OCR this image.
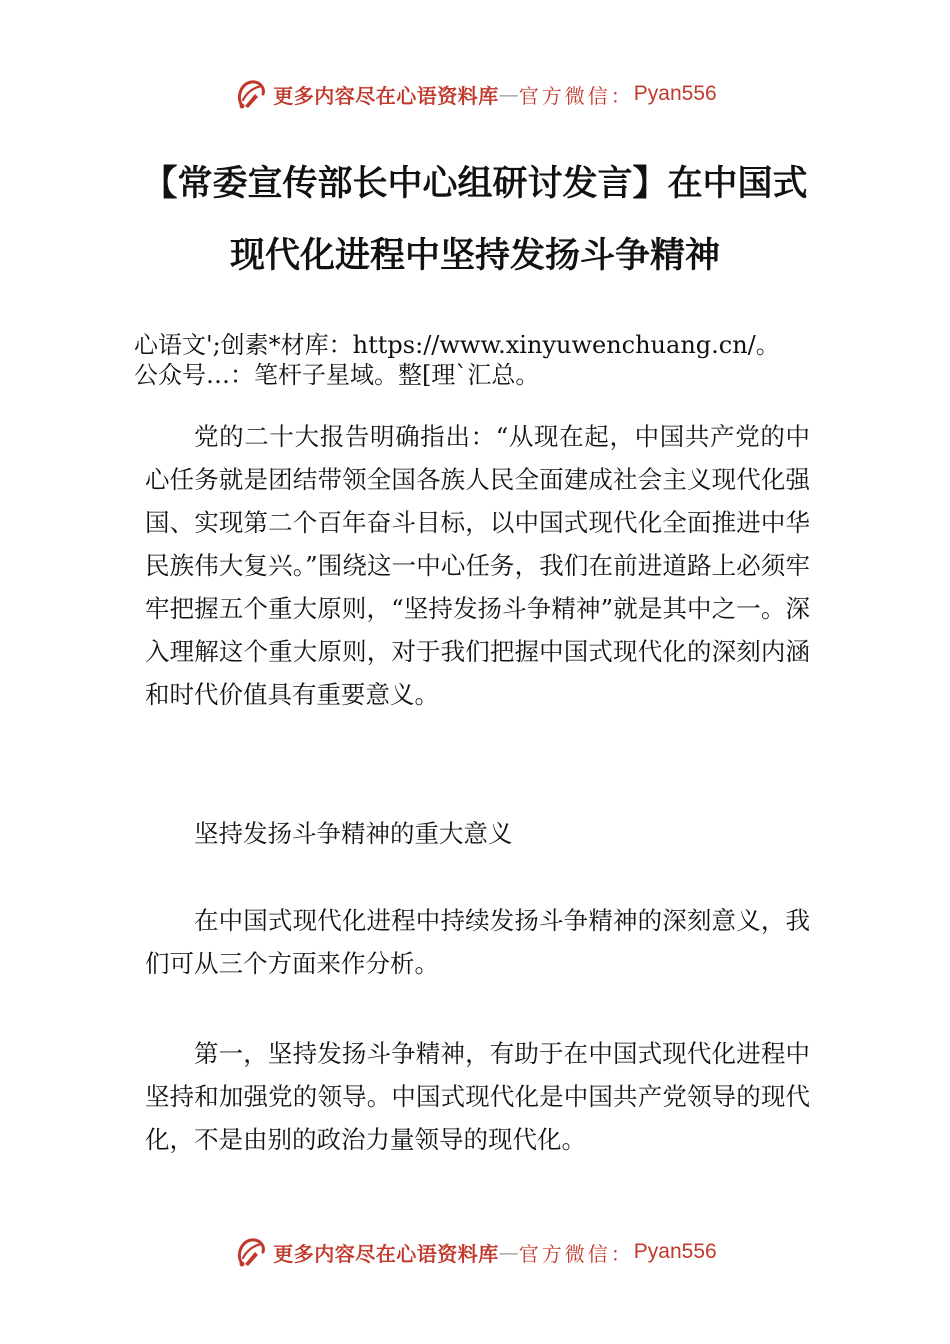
更多内容尽在心语资料库 — 官方微信： Pyan556
【常委宣传部长中心组研讨发言】在中国式
现代化进程中坚持发扬斗争精神
心语文';创素*材库：https://www.xinyuwenchuang.cn/。
公众号…：笔杆子星域。整[理`汇总。
党的二十大报告明确指出：“从现在起，中国共产党的中心任务就是团结带领全国各族人民全面建成社会主义现代化强国、实现第二个百年奋斗目标，以中国式现代化全面推进中华民族伟大复兴。”围绕这一中心任务，我们在前进道路上必须牢牢把握五个重大原则，“坚持发扬斗争精神”就是其中之一。深入理解这个重大原则，对于我们把握中国式现代化的深刻内涵和时代价值具有重要意义。
坚持发扬斗争精神的重大意义
在中国式现代化进程中持续发扬斗争精神的深刻意义，我们可从三个方面来作分析。
第一，坚持发扬斗争精神，有助于在中国式现代化进程中坚持和加强党的领导。中国式现代化是中国共产党领导的现代化，不是由别的政治力量领导的现代化。
更多内容尽在心语资料库 — 官方微信： Pyan556
